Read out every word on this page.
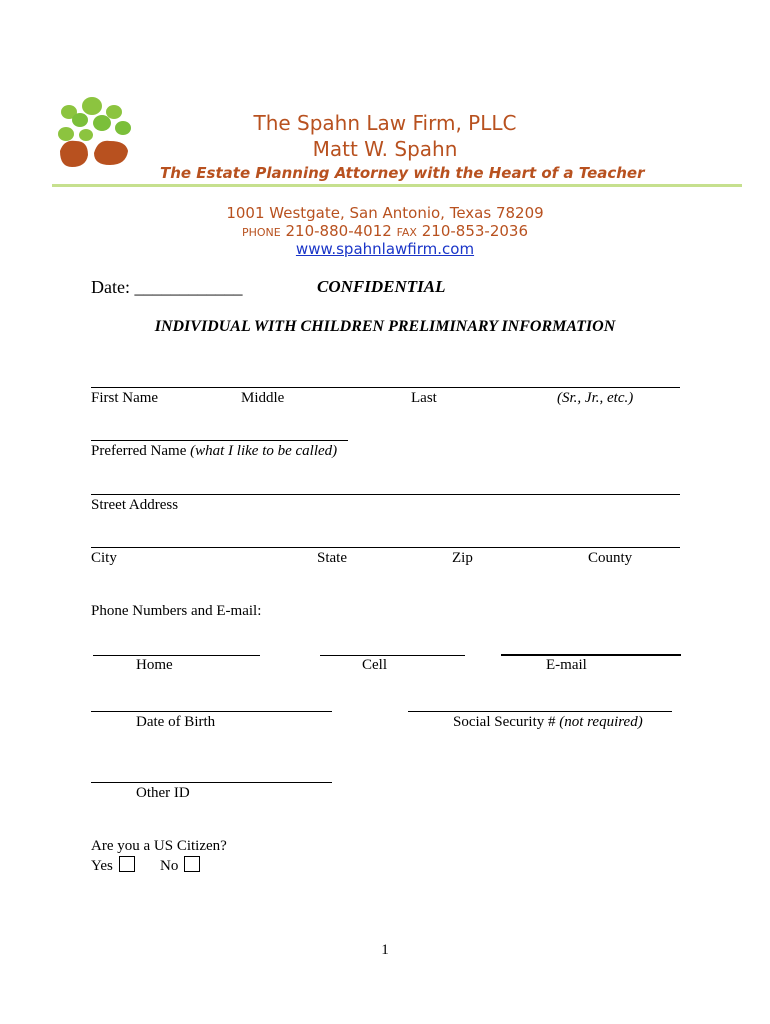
The Spahn Law Firm, PLLC
Matt W. Spahn
The Estate Planning Attorney with the Heart of a Teacher
1001 Westgate, San Antonio, Texas 78209
PHONE 210-880-4012 FAX 210-853-2036
www.spahnlawfirm.com
Date: ____________	CONFIDENTIAL
INDIVIDUAL WITH CHILDREN PRELIMINARY INFORMATION
First Name	Middle	Last	(Sr., Jr., etc.)
Preferred Name (what I like to be called)
Street Address
City	State	Zip	County
Phone Numbers and E-mail:
Home	Cell	E-mail
Date of Birth	Social Security # (not required)
Other ID
Are you a US Citizen?
Yes	No
1
